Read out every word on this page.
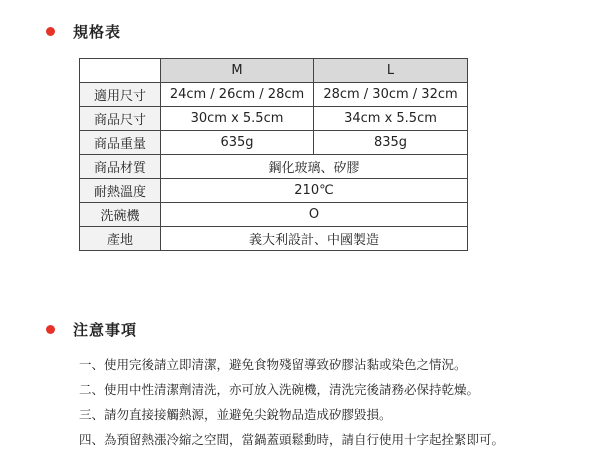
規格表
	M	L
適用尺寸	24cm / 26cm / 28cm	28cm / 30cm / 32cm
商品尺寸	30cm x 5.5cm	34cm x 5.5cm
商品重量	635g	835g
商品材質	鋼化玻璃、矽膠	
耐熱溫度	210℃	
洗碗機	O	
產地	義大利設計、中國製造	
注意事項
一、使用完後請立即清潔，避免食物殘留導致矽膠沾黏或染色之情況。
二、使用中性清潔劑清洗，亦可放入洗碗機，清洗完後請務必保持乾燥。
三、請勿直接接觸熱源，並避免尖銳物品造成矽膠毀損。
四、為預留熱漲冷縮之空間，當鍋蓋頭鬆動時，請自行使用十字起拴緊即可。
